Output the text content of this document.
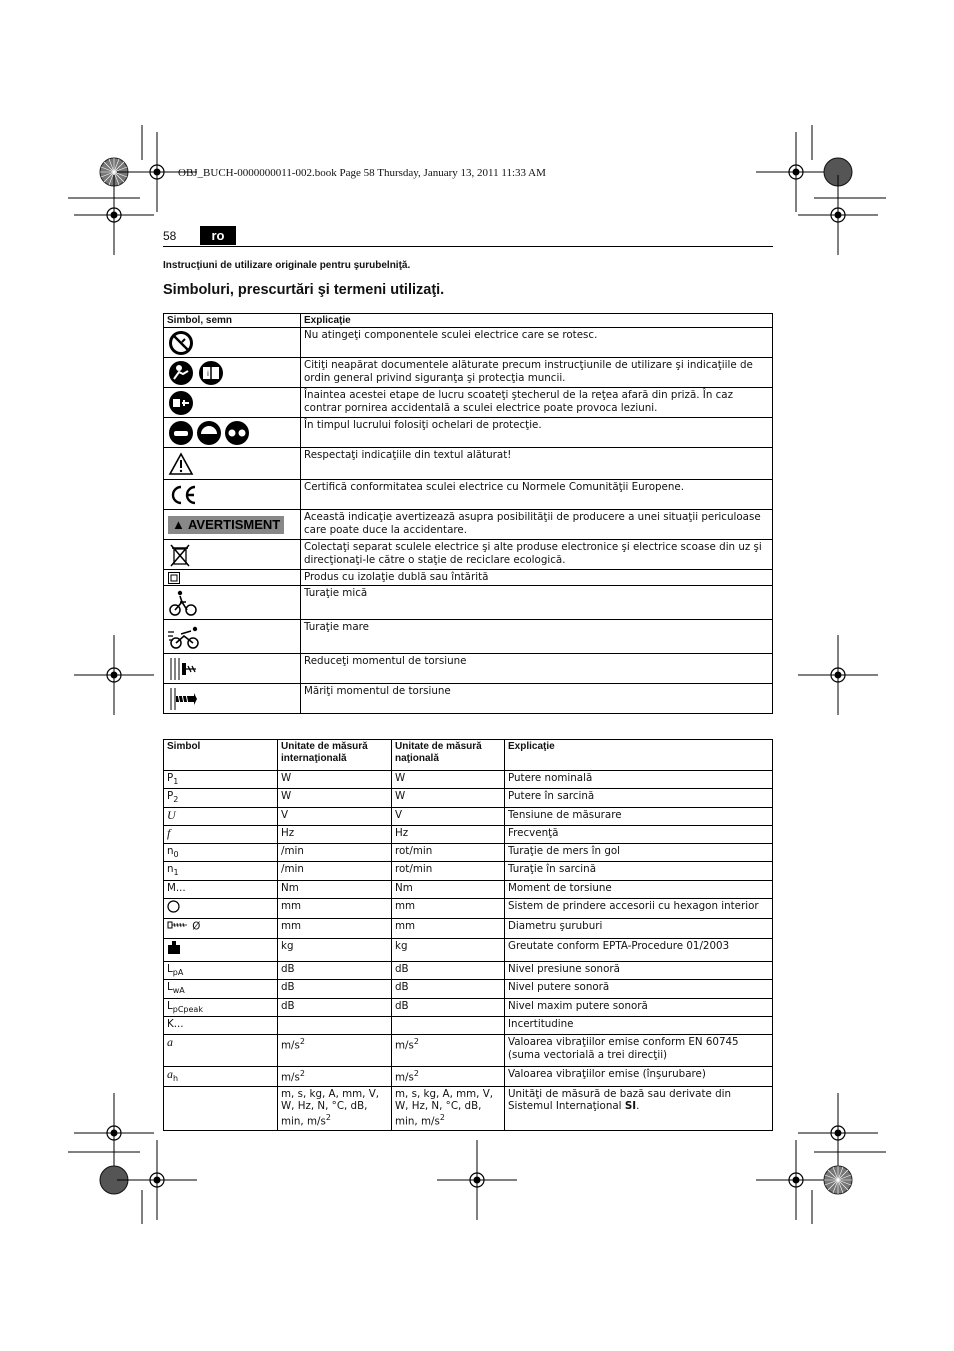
OBJ_BUCH-0000000011-002.book Page 58 Thursday, January 13, 2011 11:33 AM
58	ro
Instrucţiuni de utilizare originale pentru şurubelniţă.
Simboluri, prescurtări şi termeni utilizaţi.
Simbol, semn	Explicaţie
	Nu atingeţi componentele sculei electrice care se rotesc.

i	Citiţi neapărat documentele alăturate precum instrucţiunile de utilizare şi indicaţiile de ordin general privind siguranţa şi protecţia muncii.
	Înaintea acestei etape de lucru scoateţi ştecherul de la reţea afară din priză. În caz contrar pornirea accidentală a sculei electrice poate provoca leziuni.
	În timpul lucrului folosiţi ochelari de protecţie.
	Respectaţi indicaţiile din textul alăturat!
	Certifică conformitatea sculei electrice cu Normele Comunităţii Europene.
▲ AVERTISMENT	Această indicaţie avertizează asupra posibilităţii de producere a unei situaţii periculoase care poate duce la accidentare.
	Colectaţi separat sculele electrice şi alte produse electronice şi electrice scoase din uz şi direcţionaţi-le către o staţie de reciclare ecologică.
	Produs cu izolaţie dublă sau întărită
	Turaţie mică
	Turaţie mare
	Reduceţi momentul de torsiune
	Măriţi momentul de torsiune
Simbol	Unitate de măsură internaţională	Unitate de măsură naţională	Explicaţie
$P_1$	W	W	Putere nominală
$P_2$	W	W	Putere în sarcină
U	V	V	Tensiune de măsurare
f	Hz	Hz	Frecvenţă
$n_0$	/min	rot/min	Turaţie de mers în gol
$n_1$	/min	rot/min	Turaţie în sarcină
M...	Nm	Nm	Moment de torsiune
	mm	mm	Sistem de prindere accesorii cu hexagon interior
Ø	mm	mm	Diametru şuruburi
	kg	kg	Greutate conform EPTA-Procedure 01/2003
$L_{pA}$	dB	dB	Nivel presiune sonoră
$L_{wA}$	dB	dB	Nivel putere sonoră
$L_{pCpeak}$	dB	dB	Nivel maxim putere sonoră
K...			Incertitudine
a	$m/s^2$	$m/s^2$	Valoarea vibraţiilor emise conform EN 60745 (suma vectorială a trei direcţii)
$a_h$	$m/s^2$	$m/s^2$	Valoarea vibraţiilor emise (înşurubare)
	m, s, kg, A, mm, V, W, Hz, N, °C, dB, min, $m/s^2$	m, s, kg, A, mm, V, W, Hz, N, °C, dB, min, $m/s^2$	Unităţi de măsură de bază sau derivate din Sistemul Internaţional SI.
